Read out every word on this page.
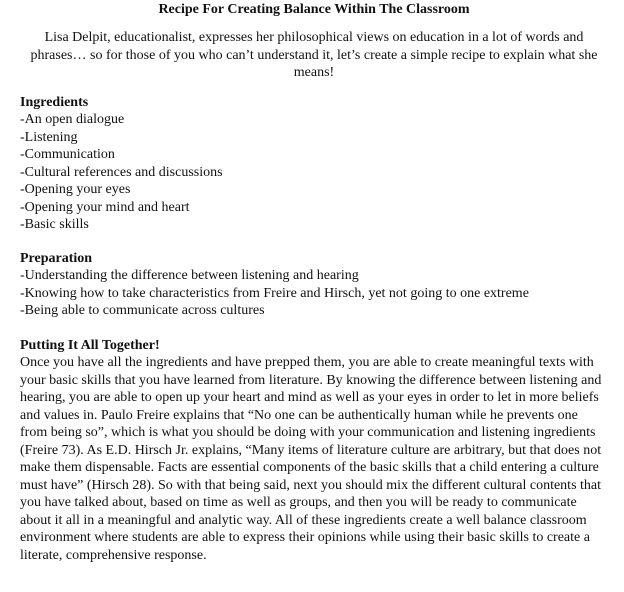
Recipe For Creating Balance Within The Classroom

Lisa Delpit, educationalist, expresses her philosophical views on education in a lot of words and phrases… so for those of you who can’t understand it, let’s create a simple recipe to explain what she means!

Ingredients

-An open dialogue
-Listening
-Communication
-Cultural references and discussions
-Opening your eyes
-Opening your mind and heart
-Basic skills

Preparation

-Understanding the difference between listening and hearing
-Knowing how to take characteristics from Freire and Hirsch, yet not going to one extreme
-Being able to communicate across cultures

Putting It All Together!

Once you have all the ingredients and have prepped them, you are able to create meaningful texts with your basic skills that you have learned from literature. By knowing the difference between listening and hearing, you are able to open up your heart and mind as well as your eyes in order to let in more beliefs and values in. Paulo Freire explains that “No one can be authentically human while he prevents one from being so”, which is what you should be doing with your communication and listening ingredients (Freire 73). As E.D. Hirsch Jr. explains, “Many items of literature culture are arbitrary, but that does not make them dispensable. Facts are essential components of the basic skills that a child entering a culture must have” (Hirsch 28). So with that being said, next you should mix the different cultural contents that you have talked about, based on time as well as groups, and then you will be ready to communicate about it all in a meaningful and analytic way. All of these ingredients create a well balance classroom environment where students are able to express their opinions while using their basic skills to create a literate, comprehensive response.
